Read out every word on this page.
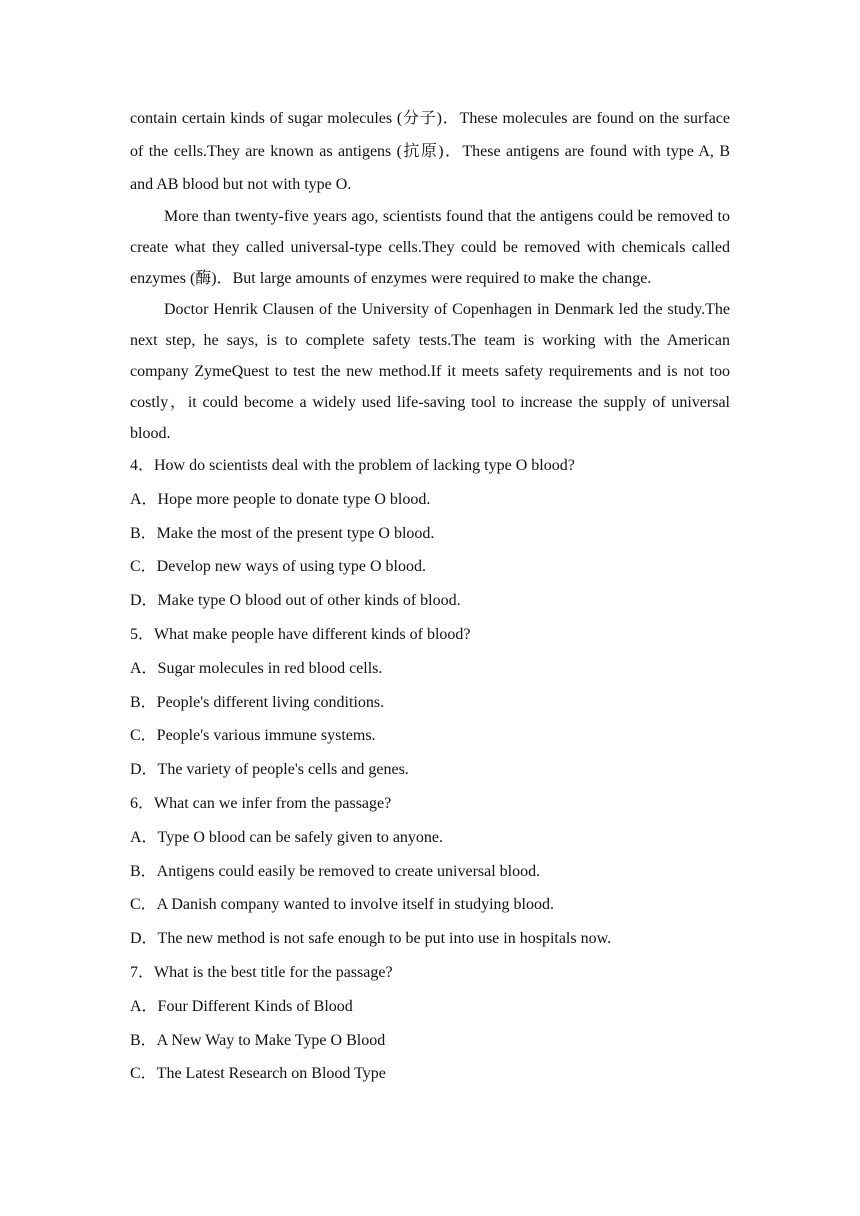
contain certain kinds of sugar molecules (分子)．These molecules are found on the surface of the cells.They are known as antigens (抗原)．These antigens are found with type A, B and AB blood but not with type O.

More than twenty-five years ago, scientists found that the antigens could be removed to create what they called universal-type cells.They could be removed with chemicals called enzymes (酶)．But large amounts of enzymes were required to make the change.

Doctor Henrik Clausen of the University of Copenhagen in Denmark led the study.The next step, he says, is to complete safety tests.The team is working with the American company ZymeQuest to test the new method.If it meets safety requirements and is not too costly，it could become a widely used life-saving tool to increase the supply of universal blood.

4．How do scientists deal with the problem of lacking type O blood?

A．Hope more people to donate type O blood.

B．Make the most of the present type O blood.

C．Develop new ways of using type O blood.

D．Make type O blood out of other kinds of blood.

5．What make people have different kinds of blood?

A．Sugar molecules in red blood cells.

B．People's different living conditions.

C．People's various immune systems.

D．The variety of people's cells and genes.

6．What can we infer from the passage?

A．Type O blood can be safely given to anyone.

B．Antigens could easily be removed to create universal blood.

C．A Danish company wanted to involve itself in studying blood.

D．The new method is not safe enough to be put into use in hospitals now.

7．What is the best title for the passage?

A．Four Different Kinds of Blood

B．A New Way to Make Type O Blood

C．The Latest Research on Blood Type
